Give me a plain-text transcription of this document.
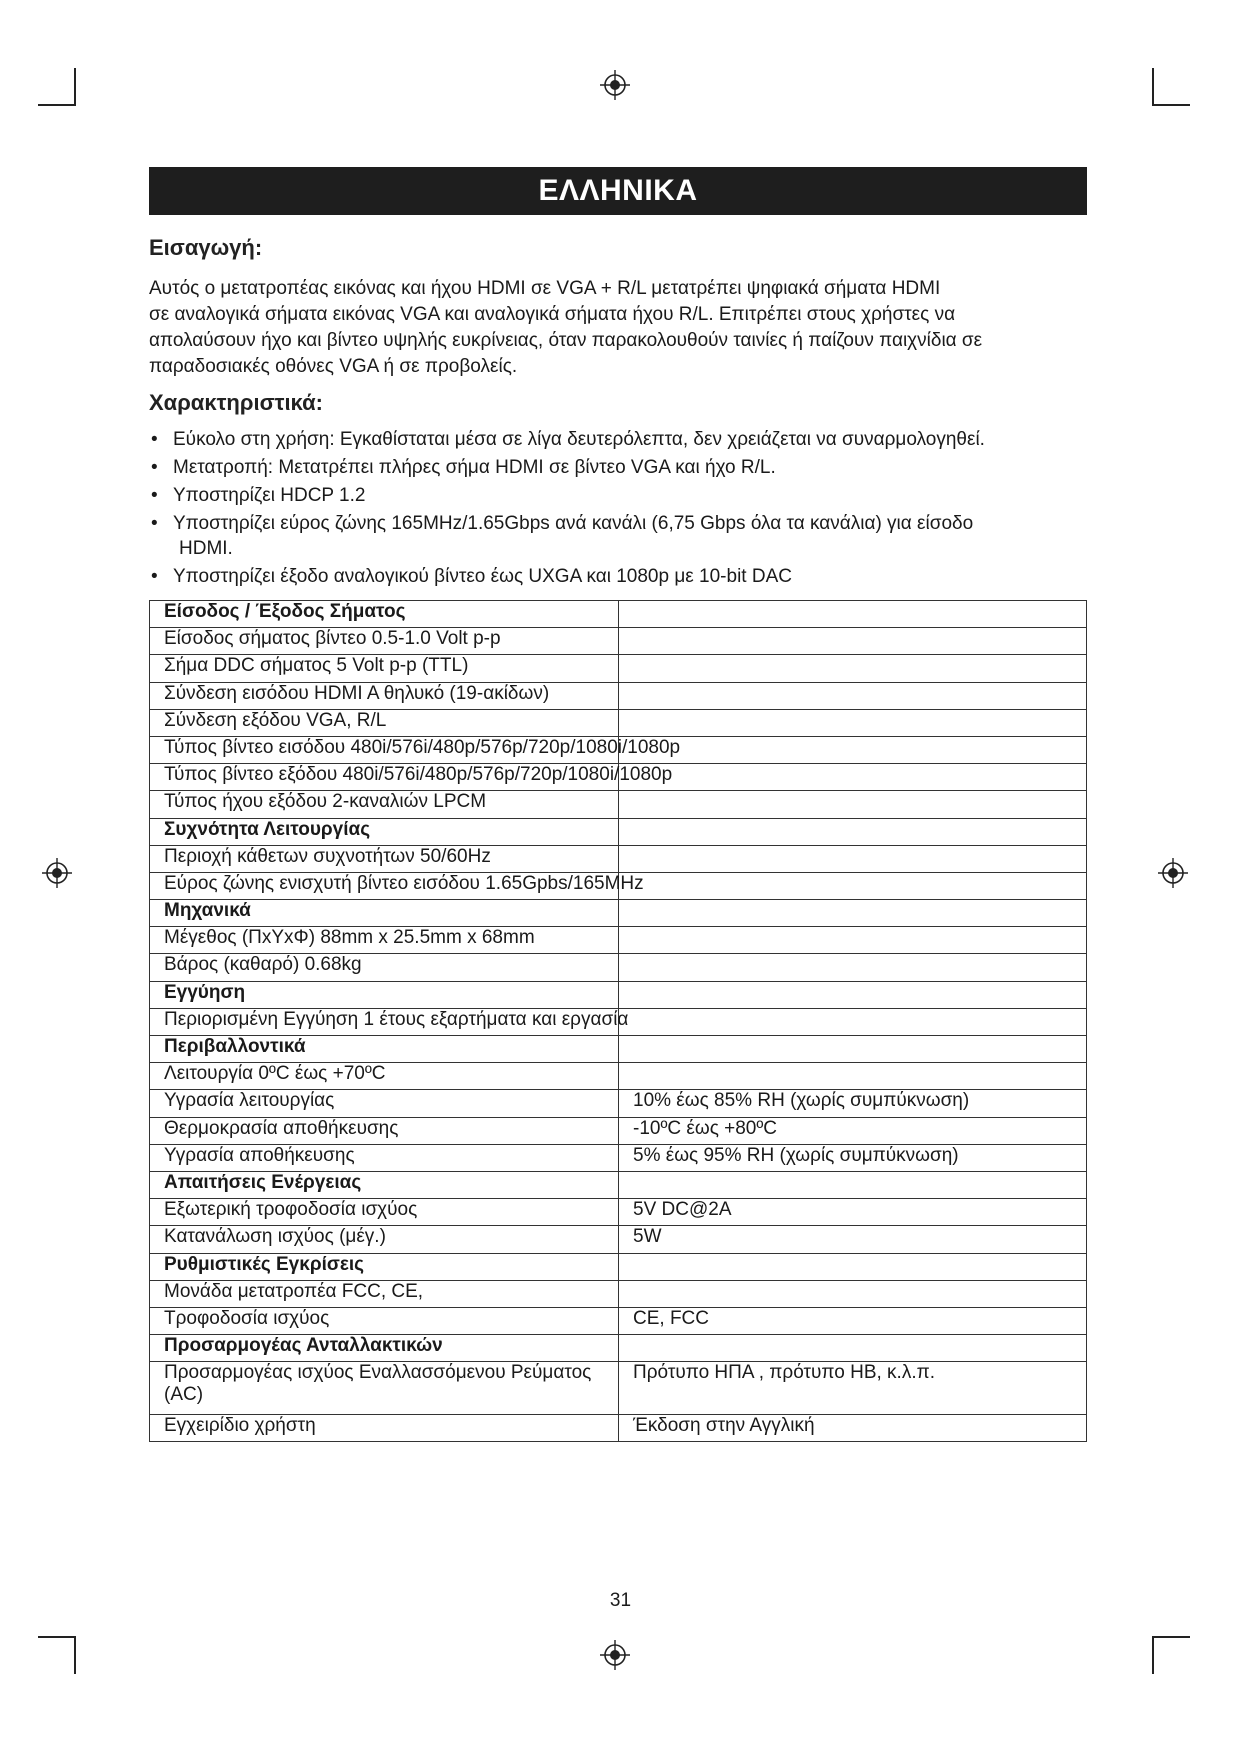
ΕΛΛΗΝΙΚΑ
Εισαγωγή:

Αυτός ο μετατροπέας εικόνας και ήχου HDMI σε VGA + R/L μετατρέπει ψηφιακά σήματα HDMI
σε αναλογικά σήματα εικόνας VGA και αναλογικά σήματα ήχου R/L. Επιτρέπει στους χρήστες να
απολαύσουν ήχο και βίντεο υψηλής ευκρίνειας, όταν παρακολουθούν ταινίες ή παίζουν παιχνίδια σε
παραδοσιακές οθόνες VGA ή σε προβολείς.

Χαρακτηριστικά:
• Εύκολο στη χρήση: Εγκαθίσταται μέσα σε λίγα δευτερόλεπτα, δεν χρειάζεται να συναρμολογηθεί.
• Μετατροπή: Μετατρέπει πλήρες σήμα HDMI σε βίντεο VGA και ήχο R/L.
• Υποστηρίζει HDCP 1.2
• Υποστηρίζει εύρος ζώνης 165MHz/1.65Gbps ανά κανάλι (6,75 Gbps όλα τα κανάλια) για είσοδο
HDMI.
• Υποστηρίζει έξοδο αναλογικού βίντεο έως UXGA και 1080p με 10-bit DAC
Είσοδος / Έξοδος Σήματος	
Είσοδος σήματος βίντεο 0.5-1.0 Volt p-p	
Σήμα DDC σήματος 5 Volt p-p (TTL)	
Σύνδεση εισόδου HDMI A θηλυκό (19-ακίδων)	
Σύνδεση εξόδου VGA, R/L	
Τύπος βίντεο εισόδου 480i/576i/480p/576p/720p/1080i/1080p	
Τύπος βίντεο εξόδου 480i/576i/480p/576p/720p/1080i/1080p	
Τύπος ήχου εξόδου 2-καναλιών LPCM	
Συχνότητα Λειτουργίας	
Περιοχή κάθετων συχνοτήτων 50/60Hz	
Εύρος ζώνης ενισχυτή βίντεο εισόδου 1.65Gpbs/165MHz	
Μηχανικά	
Μέγεθος (ΠxΥxΦ) 88mm x 25.5mm x 68mm	
Βάρος (καθαρό) 0.68kg	
Εγγύηση	
Περιορισμένη Εγγύηση 1 έτους εξαρτήματα και εργασία	
Περιβαλλοντικά	
Λειτουργία 0ºC έως +70ºC	
Υγρασία λειτουργίας	10% έως 85% RH (χωρίς συμπύκνωση)
Θερμοκρασία αποθήκευσης	-10ºC έως +80ºC
Υγρασία αποθήκευσης	5% έως 95% RH (χωρίς συμπύκνωση)
Απαιτήσεις Ενέργειας	
Εξωτερική τροφοδοσία ισχύος	5V DC@2A
Κατανάλωση ισχύος (μέγ.)	5W
Ρυθμιστικές Εγκρίσεις	
Μονάδα μετατροπέα FCC, CE,	
Τροφοδοσία ισχύος	CE, FCC
Προσαρμογέας Ανταλλακτικών	
Προσαρμογέας ισχύος Εναλλασσόμενου Ρεύματος (AC)	Πρότυπο ΗΠΑ , πρότυπο ΗΒ, κ.λ.π.
Εγχειρίδιο χρήστη	Έκδοση στην Αγγλική
31
